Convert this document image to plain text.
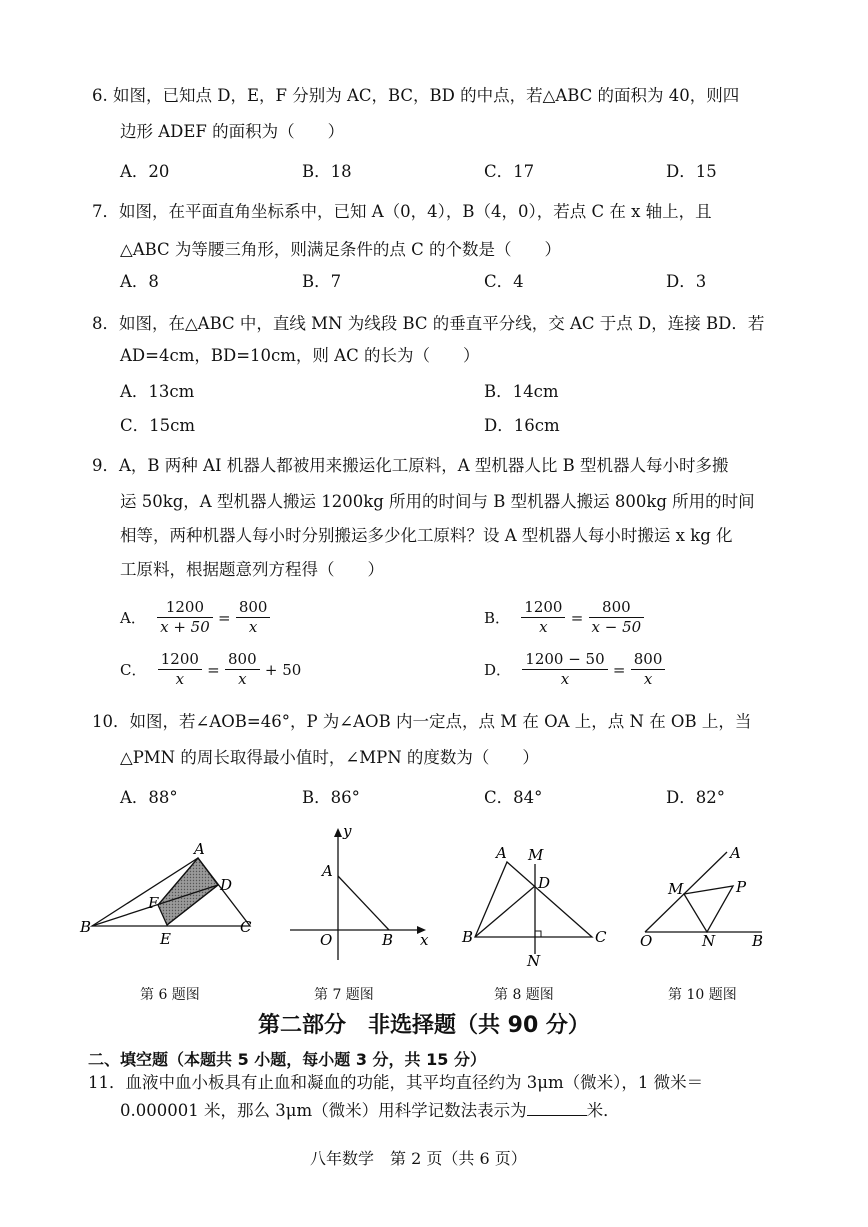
6. 如图，已知点 D，E，F 分别为 AC，BC，BD 的中点，若△ABC 的面积为 40，则四
边形 ADEF 的面积为（　　）
A．20	B．18	C．17	D．15
7．如图，在平面直角坐标系中，已知 A（0，4），B（4，0），若点 C 在 x 轴上，且
△ABC 为等腰三角形，则满足条件的点 C 的个数是（　　）
A．8	B．7	C．4	D．3
8．如图，在△ABC 中，直线 MN 为线段 BC 的垂直平分线，交 AC 于点 D，连接 BD．若
AD=4cm，BD=10cm，则 AC 的长为（　　）
A．13cm	B．14cm
C．15cm	D．16cm
9．A，B 两种 AI 机器人都被用来搬运化工原料，A 型机器人比 B 型机器人每小时多搬
运 50kg，A 型机器人搬运 1200kg 所用的时间与 B 型机器人搬运 800kg 所用的时间
相等，两种机器人每小时分别搬运多少化工原料？设 A 型机器人每小时搬运 x kg 化
工原料，根据题意列方程得（　　）
A． $\frac{1200}{x + 50} = \frac{800}{x}$	B． $\frac{1200}{x} = \frac{800}{x - 50}$
C． $\frac{1200}{x} = \frac{800}{x} + 50$	D． $\frac{1200 - 50}{x} = \frac{800}{x}$
10．如图，若∠AOB=46°，P 为∠AOB 内一定点，点 M 在 OA 上，点 N 在 OB 上，当
△PMN 的周长取得最小值时，∠MPN 的度数为（　　）
A．88°	B．86°	C．84°	D．82°
A
D
F
B
E
C
y
A
O	B x
A M
D
B	C
N
A
M	P
O	N B
第 6 题图	第 7 题图	第 8 题图	第 10 题图
第二部分　非选择题（共 90 分）
二、填空题（本题共 5 小题，每小题 3 分，共 15 分）
11．血液中血小板具有止血和凝血的功能，其平均直径约为 3μm（微米），1 微米＝
0.000001 米，那么 3μm（微米）用科学记数法表示为	米．
八年数学　第 2 页（共 6 页）
